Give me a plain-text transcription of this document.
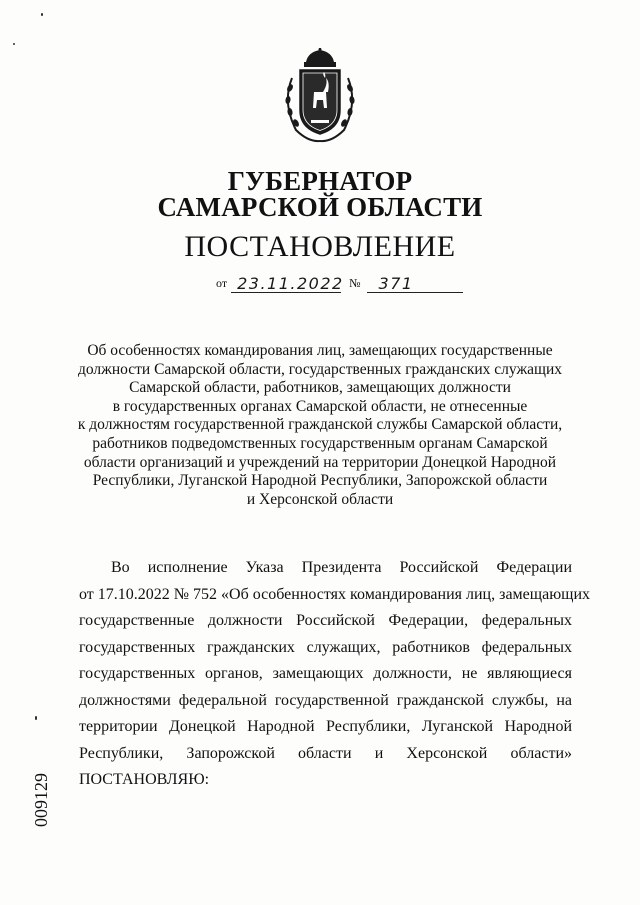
ГУБЕРНАТОР
САМАРСКОЙ ОБЛАСТИ
ПОСТАНОВЛЕНИЕ
от 23.11.2022 №	371
Об особенностях командирования лиц, замещающих государственные
должности Самарской области, государственных гражданских служащих
Самарской области, работников, замещающих должности
в государственных органах Самарской области, не отнесенные
к должностям государственной гражданской службы Самарской области,
работников подведомственных государственным органам Самарской
области организаций и учреждений на территории Донецкой Народной
Республики, Луганской Народной Республики, Запорожской области
и Херсонской области
Во исполнение Указа Президента Российской Федерации
от 17.10.2022 № 752 «Об особенностях командирования лиц, замещающих
государственные должности Российской Федерации, федеральных
государственных гражданских служащих, работников федеральных
государственных органов, замещающих должности, не являющиеся
должностями федеральной государственной гражданской службы, на
территории Донецкой Народной Республики, Луганской Народной
Республики, Запорожской области и Херсонской области»
ПОСТАНОВЛЯЮ:
009129
